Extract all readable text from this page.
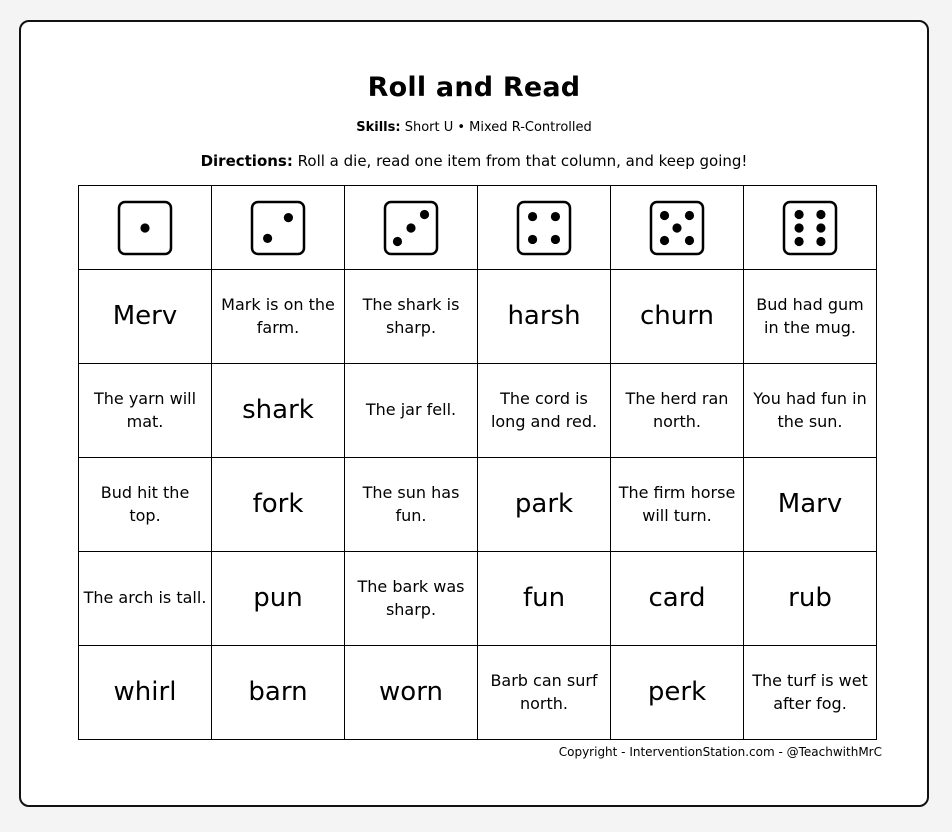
Roll and Read
Skills: Short U • Mixed R-Controlled
Directions: Roll a die, read one item from that column, and keep going!

Merv	Mark is on the farm.	The shark is sharp.	harsh	churn	Bud had gum in the mug.
The yarn will mat.	shark	The jar fell.	The cord is long and red.	The herd ran north.	You had fun in the sun.
Bud hit the top.	fork	The sun has fun.	park	The firm horse will turn.	Marv
The arch is tall.	pun	The bark was sharp.	fun	card	rub
whirl	barn	worn	Barb can surf north.	perk	The turf is wet after fog.
Copyright - InterventionStation.com - @TeachwithMrC
